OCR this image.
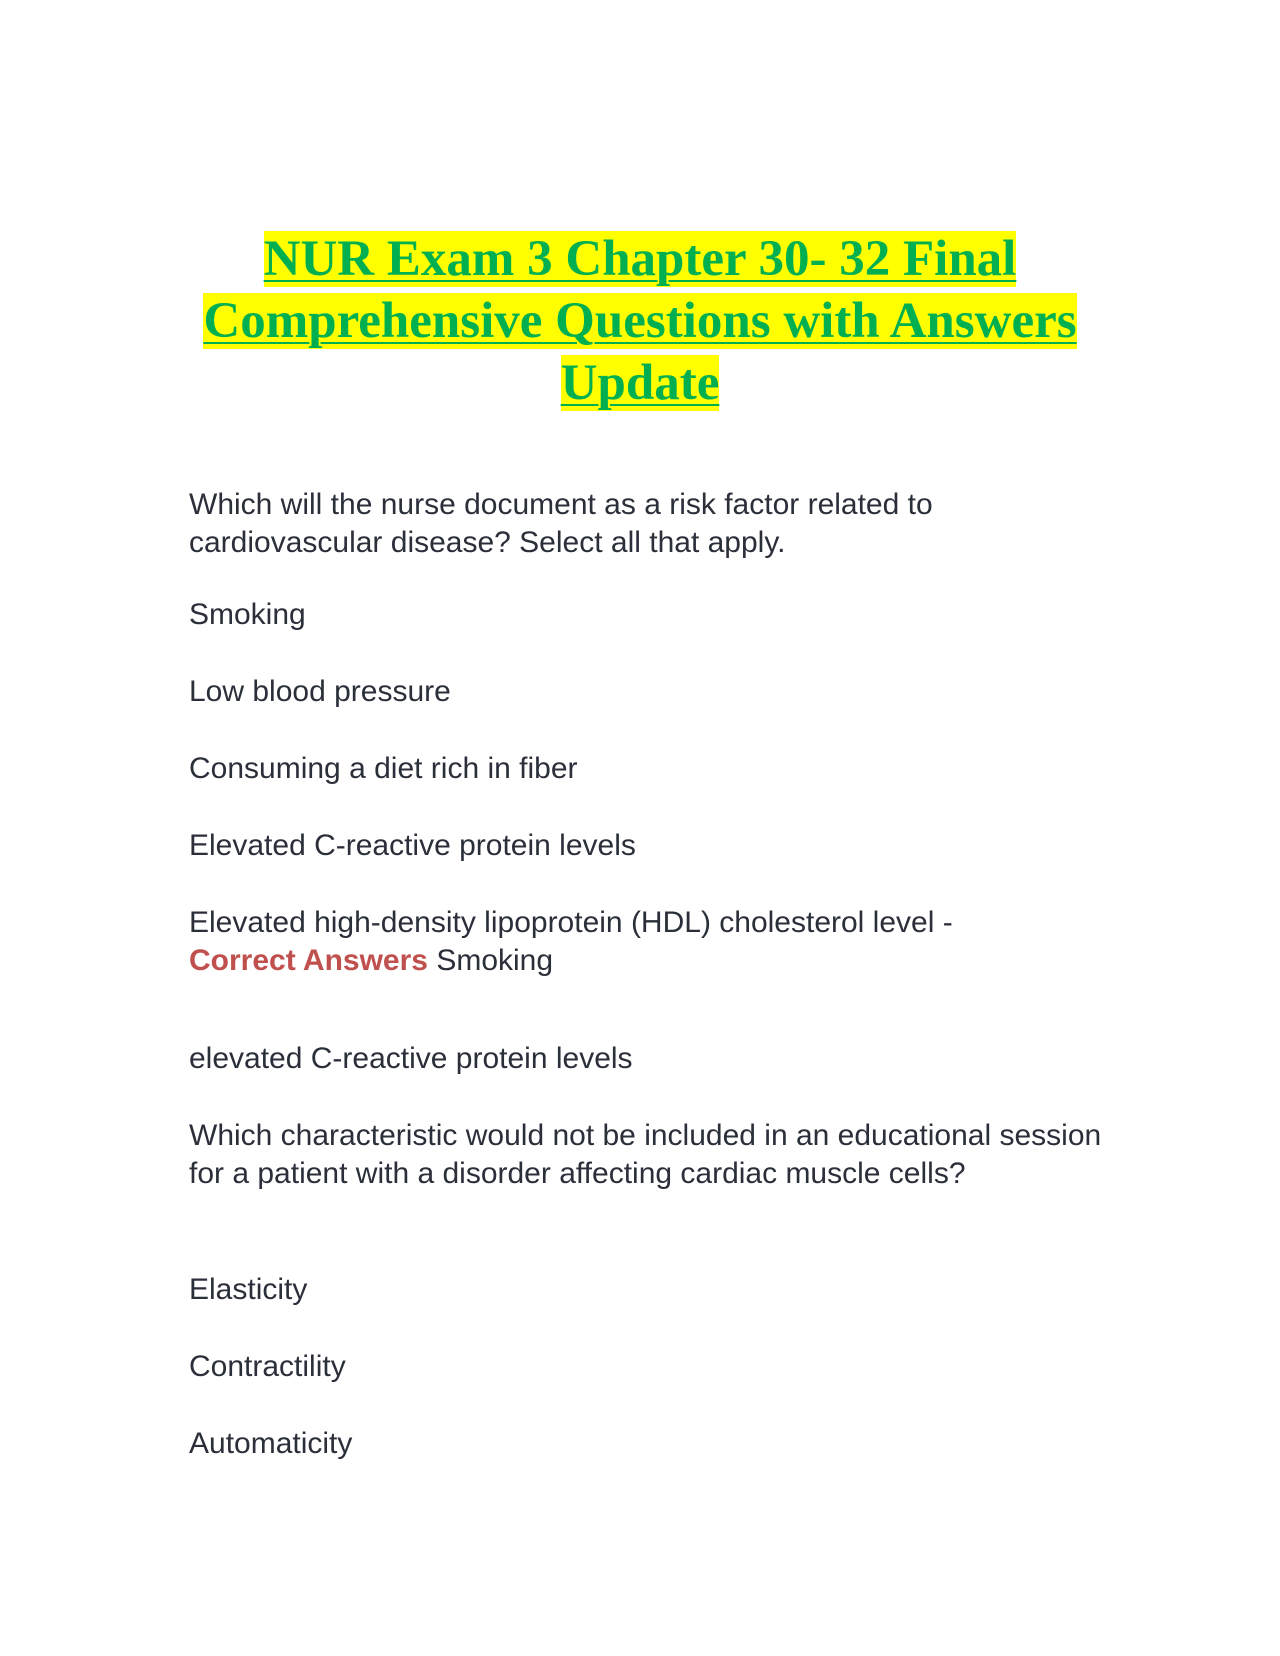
NUR Exam 3 Chapter 30- 32 Final
Comprehensive Questions with Answers
Update

Which will the nurse document as a risk factor related to cardiovascular disease? Select all that apply.

Smoking

Low blood pressure

Consuming a diet rich in fiber

Elevated C-reactive protein levels

Elevated high-density lipoprotein (HDL) cholesterol level -
Correct Answers Smoking

elevated C-reactive protein levels

Which characteristic would not be included in an educational session for a patient with a disorder affecting cardiac muscle cells?

Elasticity

Contractility

Automaticity
